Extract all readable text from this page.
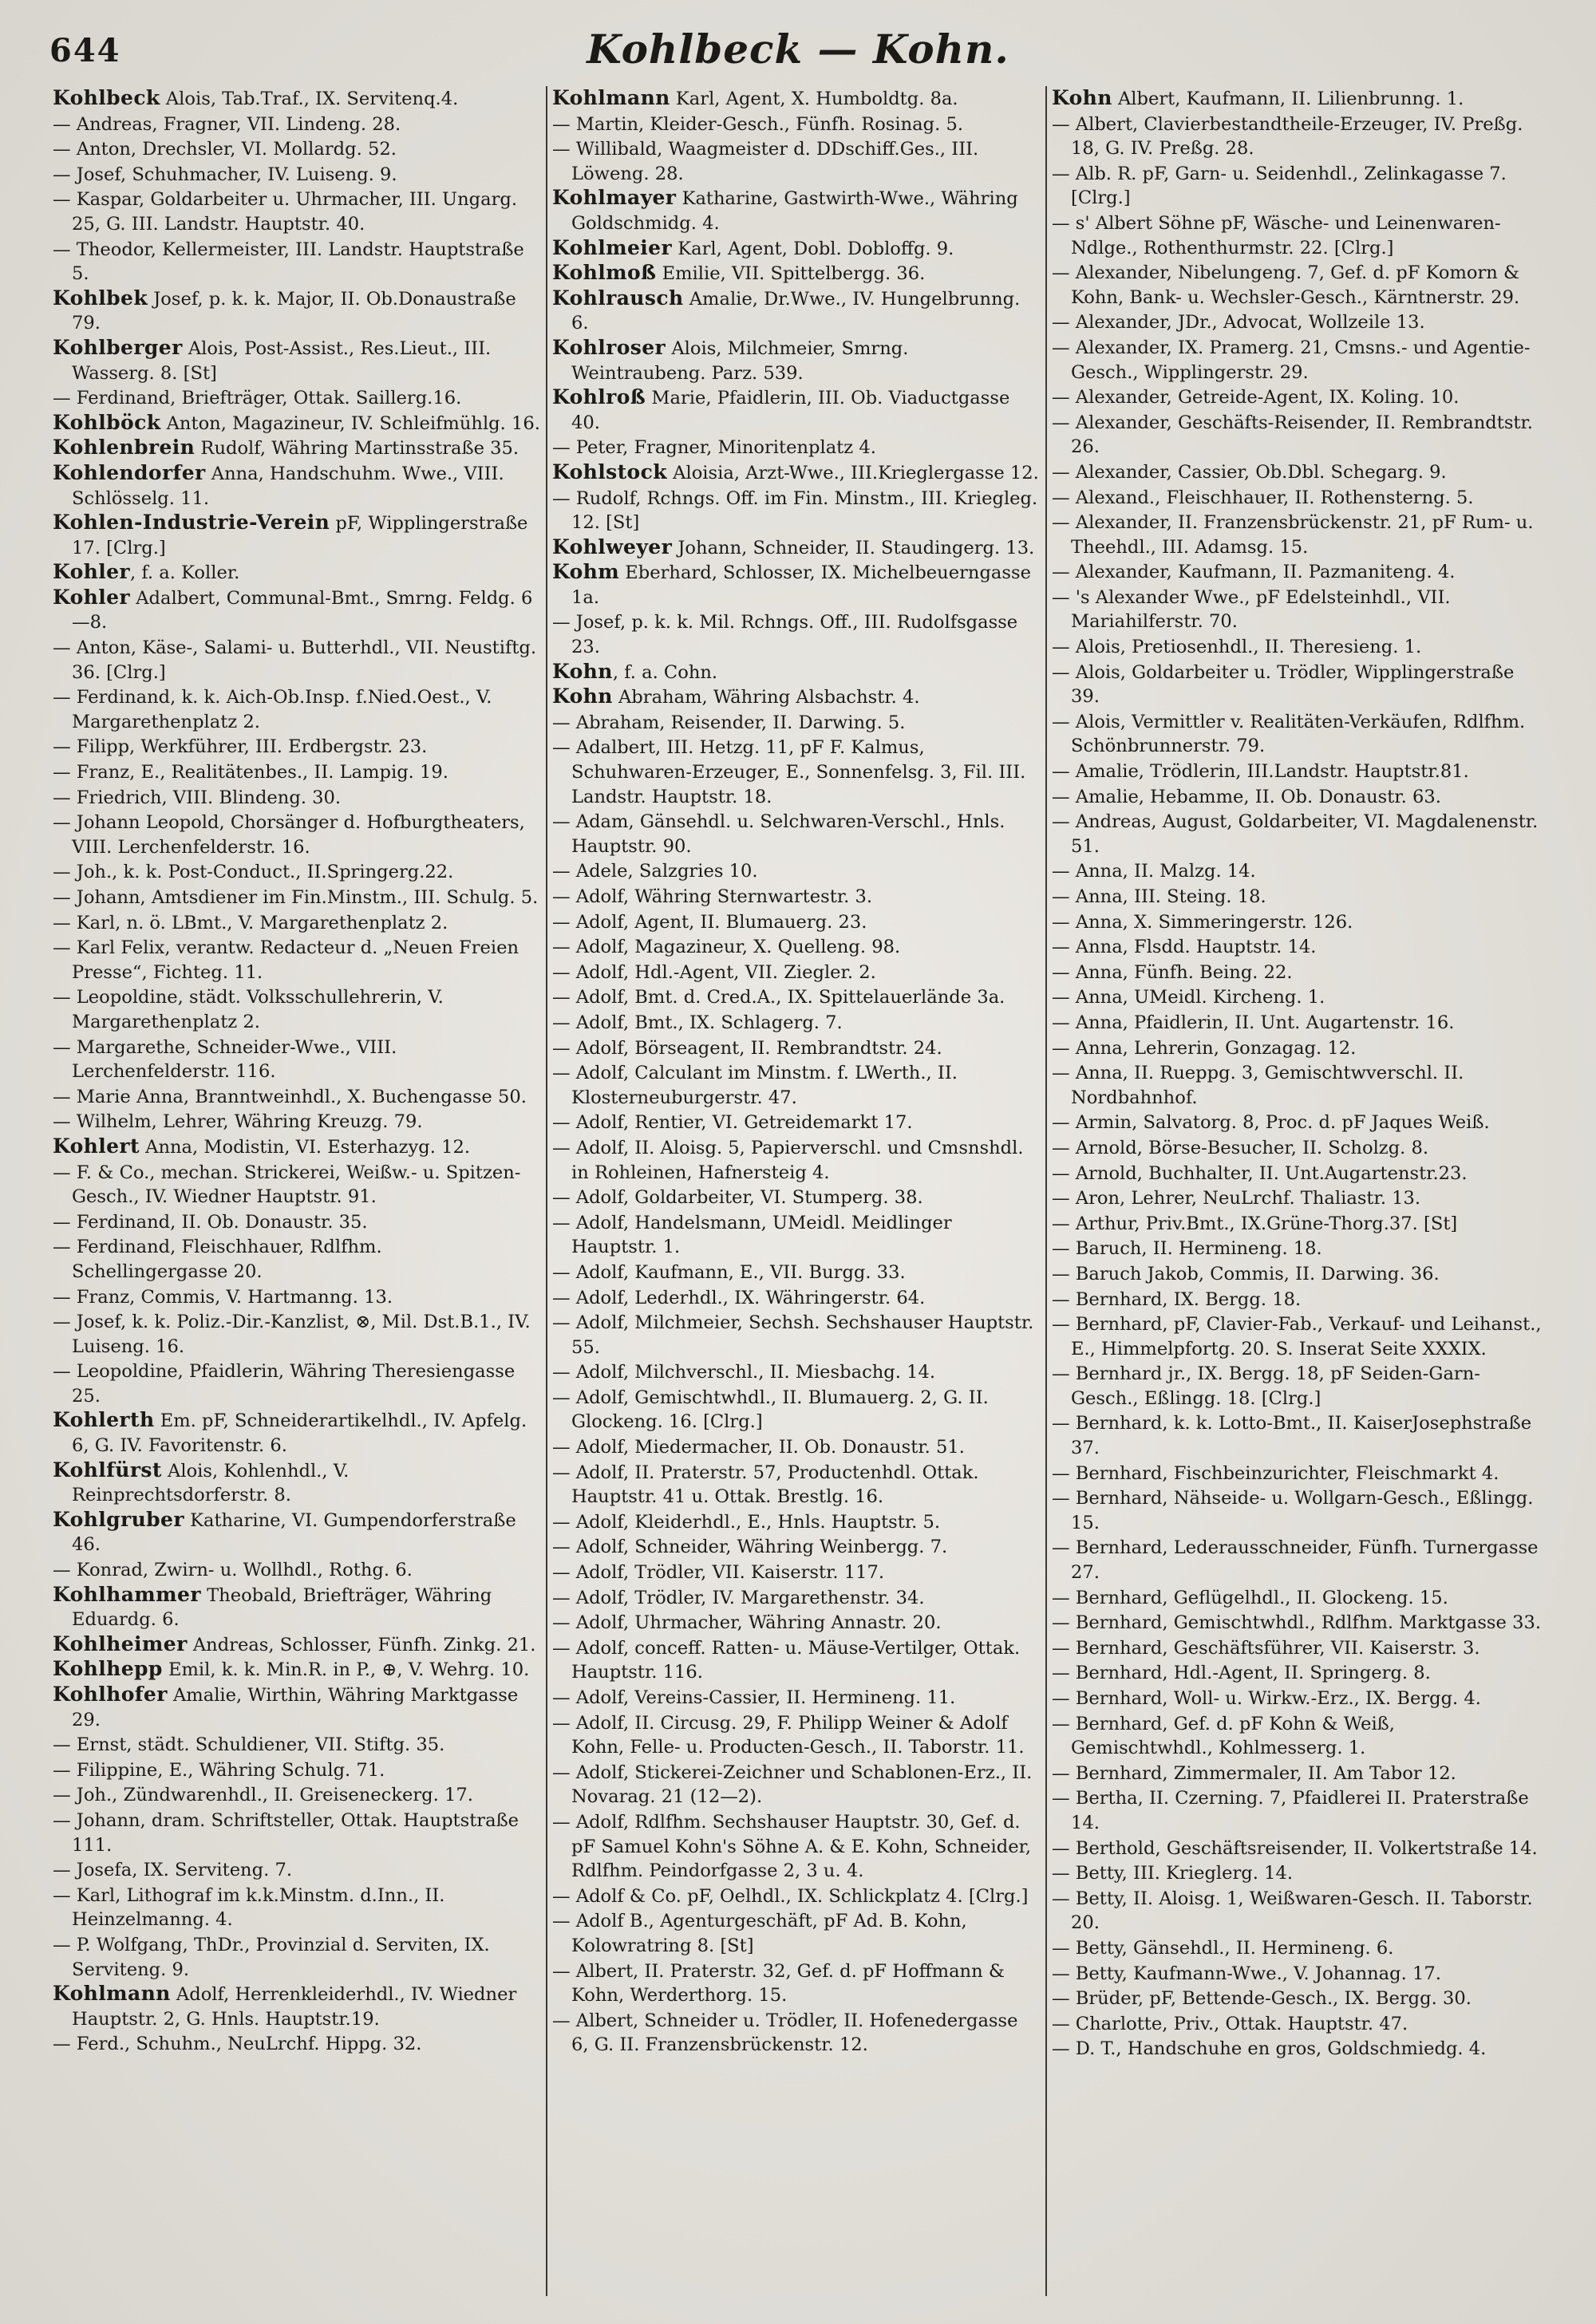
644	Kohlbeck — Kohn.
Kohlbeck Alois, Tab.Traf., IX. Servitenq.4.
— Andreas, Fragner, VII. Lindeng. 28.
— Anton, Drechsler, VI. Mollardg. 52.
— Josef, Schuhmacher, IV. Luiseng. 9.
— Kaspar, Goldarbeiter u. Uhrmacher, III. Ungarg. 25, G. III. Landstr. Hauptstr. 40.
— Theodor, Kellermeister, III. Landstr. Hauptstraße 5.
Kohlbek Josef, p. k. k. Major, II. Ob.Donaustraße 79.
Kohlberger Alois, Post-Assist., Res.Lieut., III. Wasserg. 8. [St]
— Ferdinand, Briefträger, Ottak. Saillerg.16.
Kohlböck Anton, Magazineur, IV. Schleifmühlg. 16.
Kohlenbrein Rudolf, Währing Martinsstraße 35.
Kohlendorfer Anna, Handschuhm. Wwe., VIII. Schlösselg. 11.
Kohlen-Industrie-Verein pF, Wipplingerstraße 17. [Clrg.]
Kohler, f. a. Koller.
Kohler Adalbert, Communal-Bmt., Smrng. Feldg. 6—8.
— Anton, Käse-, Salami- u. Butterhdl., VII. Neustiftg. 36. [Clrg.]
— Ferdinand, k. k. Aich-Ob.Insp. f.Nied.Oest., V. Margarethenplatz 2.
— Filipp, Werkführer, III. Erdbergstr. 23.
— Franz, E., Realitätenbes., II. Lampig. 19.
— Friedrich, VIII. Blindeng. 30.
— Johann Leopold, Chorsänger d. Hofburgtheaters, VIII. Lerchenfelderstr. 16.
— Joh., k. k. Post-Conduct., II.Springerg.22.
— Johann, Amtsdiener im Fin.Minstm., III. Schulg. 5.
— Karl, n. ö. LBmt., V. Margarethenplatz 2.
— Karl Felix, verantw. Redacteur d. „Neuen Freien Presse“, Fichteg. 11.
— Leopoldine, städt. Volksschullehrerin, V. Margarethenplatz 2.
— Margarethe, Schneider-Wwe., VIII. Lerchenfelderstr. 116.
— Marie Anna, Branntweinhdl., X. Buchengasse 50.
— Wilhelm, Lehrer, Währing Kreuzg. 79.
Kohlert Anna, Modistin, VI. Esterhazyg. 12.
— F. & Co., mechan. Strickerei, Weißw.- u. Spitzen-Gesch., IV. Wiedner Hauptstr. 91.
— Ferdinand, II. Ob. Donaustr. 35.
— Ferdinand, Fleischhauer, Rdlfhm. Schellingergasse 20.
— Franz, Commis, V. Hartmanng. 13.
— Josef, k. k. Poliz.-Dir.-Kanzlist, ⊗, Mil. Dst.B.1., IV. Luiseng. 16.
— Leopoldine, Pfaidlerin, Währing Theresiengasse 25.
Kohlerth Em. pF, Schneiderartikelhdl., IV. Apfelg. 6, G. IV. Favoritenstr. 6.
Kohlfürst Alois, Kohlenhdl., V. Reinprechtsdorferstr. 8.
Kohlgruber Katharine, VI. Gumpendorferstraße 46.
— Konrad, Zwirn- u. Wollhdl., Rothg. 6.
Kohlhammer Theobald, Briefträger, Währing Eduardg. 6.
Kohlheimer Andreas, Schlosser, Fünfh. Zinkg. 21.
Kohlhepp Emil, k. k. Min.R. in P., ⊕, V. Wehrg. 10.
Kohlhofer Amalie, Wirthin, Währing Marktgasse 29.
— Ernst, städt. Schuldiener, VII. Stiftg. 35.
— Filippine, E., Währing Schulg. 71.
— Joh., Zündwarenhdl., II. Greiseneckerg. 17.
— Johann, dram. Schriftsteller, Ottak. Hauptstraße 111.
— Josefa, IX. Serviteng. 7.
— Karl, Lithograf im k.k.Minstm. d.Inn., II. Heinzelmanng. 4.
— P. Wolfgang, ThDr., Provinzial d. Serviten, IX. Serviteng. 9.
Kohlmann Adolf, Herrenkleiderhdl., IV. Wiedner Hauptstr. 2, G. Hnls. Hauptstr.19.
— Ferd., Schuhm., NeuLrchf. Hippg. 32.
Kohlmann Karl, Agent, X. Humboldtg. 8a.
— Martin, Kleider-Gesch., Fünfh. Rosinag. 5.
— Willibald, Waagmeister d. DDschiff.Ges., III. Löweng. 28.
Kohlmayer Katharine, Gastwirth-Wwe., Währing Goldschmidg. 4.
Kohlmeier Karl, Agent, Dobl. Dobloffg. 9.
Kohlmoß Emilie, VII. Spittelbergg. 36.
Kohlrausch Amalie, Dr.Wwe., IV. Hungelbrunng. 6.
Kohlroser Alois, Milchmeier, Smrng. Weintraubeng. Parz. 539.
Kohlroß Marie, Pfaidlerin, III. Ob. Viaductgasse 40.
— Peter, Fragner, Minoritenplatz 4.
Kohlstock Aloisia, Arzt-Wwe., III.Krieglergasse 12.
— Rudolf, Rchngs. Off. im Fin. Minstm., III. Kriegleg. 12. [St]
Kohlweyer Johann, Schneider, II. Staudingerg. 13.
Kohm Eberhard, Schlosser, IX. Michelbeuerngasse 1a.
— Josef, p. k. k. Mil. Rchngs. Off., III. Rudolfsgasse 23.
Kohn, f. a. Cohn.
Kohn Abraham, Währing Alsbachstr. 4.
— Abraham, Reisender, II. Darwing. 5.
— Adalbert, III. Hetzg. 11, pF F. Kalmus, Schuhwaren-Erzeuger, E., Sonnenfelsg. 3, Fil. III. Landstr. Hauptstr. 18.
— Adam, Gänsehdl. u. Selchwaren-Verschl., Hnls. Hauptstr. 90.
— Adele, Salzgries 10.
— Adolf, Währing Sternwartestr. 3.
— Adolf, Agent, II. Blumauerg. 23.
— Adolf, Magazineur, X. Quelleng. 98.
— Adolf, Hdl.-Agent, VII. Ziegler. 2.
— Adolf, Bmt. d. Cred.A., IX. Spittelauerlände 3a.
— Adolf, Bmt., IX. Schlagerg. 7.
— Adolf, Börseagent, II. Rembrandtstr. 24.
— Adolf, Calculant im Minstm. f. LWerth., II. Klosterneuburgerstr. 47.
— Adolf, Rentier, VI. Getreidemarkt 17.
— Adolf, II. Aloisg. 5, Papierverschl. und Cmsnshdl. in Rohleinen, Hafnersteig 4.
— Adolf, Goldarbeiter, VI. Stumperg. 38.
— Adolf, Handelsmann, UMeidl. Meidlinger Hauptstr. 1.
— Adolf, Kaufmann, E., VII. Burgg. 33.
— Adolf, Lederhdl., IX. Währingerstr. 64.
— Adolf, Milchmeier, Sechsh. Sechshauser Hauptstr. 55.
— Adolf, Milchverschl., II. Miesbachg. 14.
— Adolf, Gemischtwhdl., II. Blumauerg. 2, G. II. Glockeng. 16. [Clrg.]
— Adolf, Miedermacher, II. Ob. Donaustr. 51.
— Adolf, II. Praterstr. 57, Productenhdl. Ottak. Hauptstr. 41 u. Ottak. Brestlg. 16.
— Adolf, Kleiderhdl., E., Hnls. Hauptstr. 5.
— Adolf, Schneider, Währing Weinbergg. 7.
— Adolf, Trödler, VII. Kaiserstr. 117.
— Adolf, Trödler, IV. Margarethenstr. 34.
— Adolf, Uhrmacher, Währing Annastr. 20.
— Adolf, conceff. Ratten- u. Mäuse-Vertilger, Ottak. Hauptstr. 116.
— Adolf, Vereins-Cassier, II. Hermineng. 11.
— Adolf, II. Circusg. 29, F. Philipp Weiner & Adolf Kohn, Felle- u. Producten-Gesch., II. Taborstr. 11.
— Adolf, Stickerei-Zeichner und Schablonen-Erz., II. Novarag. 21 (12—2).
— Adolf, Rdlfhm. Sechshauser Hauptstr. 30, Gef. d. pF Samuel Kohn's Söhne A. & E. Kohn, Schneider, Rdlfhm. Peindorfgasse 2, 3 u. 4.
— Adolf & Co. pF, Oelhdl., IX. Schlickplatz 4. [Clrg.]
— Adolf B., Agenturgeschäft, pF Ad. B. Kohn, Kolowratring 8. [St]
— Albert, II. Praterstr. 32, Gef. d. pF Hoffmann & Kohn, Werderthorg. 15.
— Albert, Schneider u. Trödler, II. Hofenedergasse 6, G. II. Franzensbrückenstr. 12.
Kohn Albert, Kaufmann, II. Lilienbrunng. 1.
— Albert, Clavierbestandtheile-Erzeuger, IV. Preßg. 18, G. IV. Preßg. 28.
— Alb. R. pF, Garn- u. Seidenhdl., Zelinkagasse 7. [Clrg.]
— s' Albert Söhne pF, Wäsche- und Leinenwaren-Ndlge., Rothenthurmstr. 22. [Clrg.]
— Alexander, Nibelungeng. 7, Gef. d. pF Komorn & Kohn, Bank- u. Wechsler-Gesch., Kärntnerstr. 29.
— Alexander, JDr., Advocat, Wollzeile 13.
— Alexander, IX. Pramerg. 21, Cmsns.- und Agentie-Gesch., Wipplingerstr. 29.
— Alexander, Getreide-Agent, IX. Koling. 10.
— Alexander, Geschäfts-Reisender, II. Rembrandtstr. 26.
— Alexander, Cassier, Ob.Dbl. Schegarg. 9.
— Alexand., Fleischhauer, II. Rothensterng. 5.
— Alexander, II. Franzensbrückenstr. 21, pF Rum- u. Theehdl., III. Adamsg. 15.
— Alexander, Kaufmann, II. Pazmaniteng. 4.
— 's Alexander Wwe., pF Edelsteinhdl., VII. Mariahilferstr. 70.
— Alois, Pretiosenhdl., II. Theresieng. 1.
— Alois, Goldarbeiter u. Trödler, Wipplingerstraße 39.
— Alois, Vermittler v. Realitäten-Verkäufen, Rdlfhm. Schönbrunnerstr. 79.
— Amalie, Trödlerin, III.Landstr. Hauptstr.81.
— Amalie, Hebamme, II. Ob. Donaustr. 63.
— Andreas, August, Goldarbeiter, VI. Magdalenenstr. 51.
— Anna, II. Malzg. 14.
— Anna, III. Steing. 18.
— Anna, X. Simmeringerstr. 126.
— Anna, Flsdd. Hauptstr. 14.
— Anna, Fünfh. Being. 22.
— Anna, UMeidl. Kircheng. 1.
— Anna, Pfaidlerin, II. Unt. Augartenstr. 16.
— Anna, Lehrerin, Gonzagag. 12.
— Anna, II. Rueppg. 3, Gemischtwverschl. II. Nordbahnhof.
— Armin, Salvatorg. 8, Proc. d. pF Jaques Weiß.
— Arnold, Börse-Besucher, II. Scholzg. 8.
— Arnold, Buchhalter, II. Unt.Augartenstr.23.
— Aron, Lehrer, NeuLrchf. Thaliastr. 13.
— Arthur, Priv.Bmt., IX.Grüne-Thorg.37. [St]
— Baruch, II. Hermineng. 18.
— Baruch Jakob, Commis, II. Darwing. 36.
— Bernhard, IX. Bergg. 18.
— Bernhard, pF, Clavier-Fab., Verkauf- und Leihanst., E., Himmelpfortg. 20. S. Inserat Seite XXXIX.
— Bernhard jr., IX. Bergg. 18, pF Seiden-Garn-Gesch., Eßlingg. 18. [Clrg.]
— Bernhard, k. k. Lotto-Bmt., II. KaiserJosephstraße 37.
— Bernhard, Fischbeinzurichter, Fleischmarkt 4.
— Bernhard, Nähseide- u. Wollgarn-Gesch., Eßlingg. 15.
— Bernhard, Lederausschneider, Fünfh. Turnergasse 27.
— Bernhard, Geflügelhdl., II. Glockeng. 15.
— Bernhard, Gemischtwhdl., Rdlfhm. Marktgasse 33.
— Bernhard, Geschäftsführer, VII. Kaiserstr. 3.
— Bernhard, Hdl.-Agent, II. Springerg. 8.
— Bernhard, Woll- u. Wirkw.-Erz., IX. Bergg. 4.
— Bernhard, Gef. d. pF Kohn & Weiß, Gemischtwhdl., Kohlmesserg. 1.
— Bernhard, Zimmermaler, II. Am Tabor 12.
— Bertha, II. Czerning. 7, Pfaidlerei II. Praterstraße 14.
— Berthold, Geschäftsreisender, II. Volkertstraße 14.
— Betty, III. Krieglerg. 14.
— Betty, II. Aloisg. 1, Weißwaren-Gesch. II. Taborstr. 20.
— Betty, Gänsehdl., II. Hermineng. 6.
— Betty, Kaufmann-Wwe., V. Johannag. 17.
— Brüder, pF, Bettende-Gesch., IX. Bergg. 30.
— Charlotte, Priv., Ottak. Hauptstr. 47.
— D. T., Handschuhe en gros, Goldschmiedg. 4.
